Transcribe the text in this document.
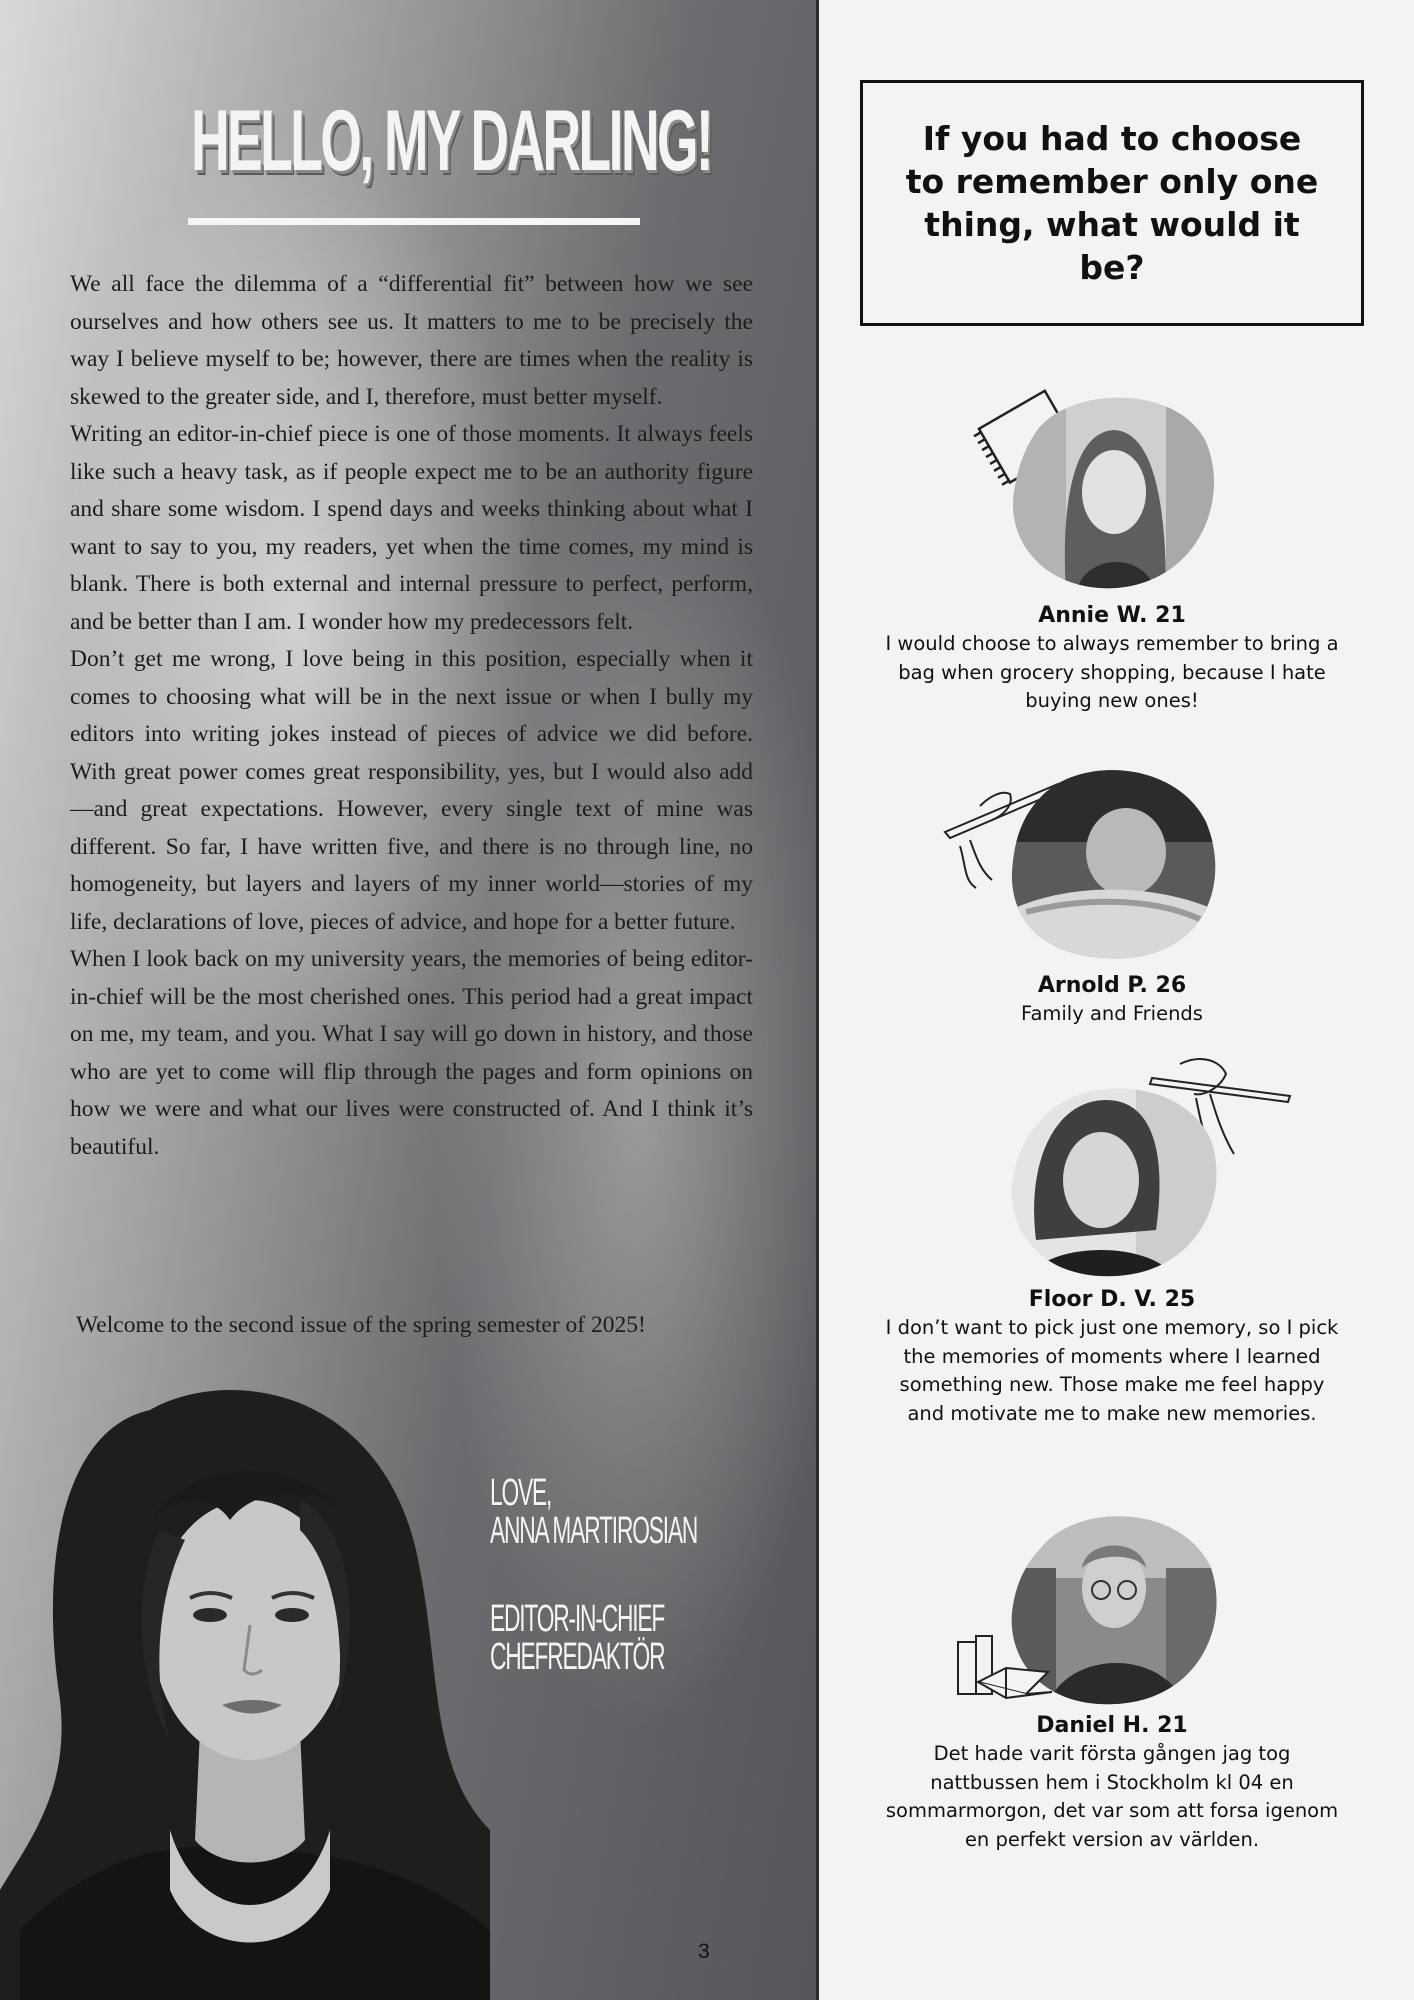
HELLO, MY DARLING!

We all face the dilemma of a “differential fit” between how we see ourselves and how others see us. It matters to me to be precisely the way I believe myself to be; however, there are times when the reality is skewed to the greater side, and I, therefore, must better myself.

Writing an editor-in-chief piece is one of those moments. It always feels like such a heavy task, as if people expect me to be an authority figure and share some wisdom. I spend days and weeks thinking about what I want to say to you, my readers, yet when the time comes, my mind is blank. There is both external and internal pressure to perfect, perform, and be better than I am. I wonder how my predecessors felt.

Don’t get me wrong, I love being in this position, especially when it comes to choosing what will be in the next issue or when I bully my editors into writing jokes instead of pieces of advice we did before. With great power comes great responsibility, yes, but I would also add—and great expectations. However, every single text of mine was different. So far, I have written five, and there is no through line, no homogeneity, but layers and layers of my inner world—stories of my life, declarations of love, pieces of advice, and hope for a better future.

When I look back on my university years, the memories of being editor-in-chief will be the most cherished ones. This period had a great impact on me, my team, and you. What I say will go down in history, and those who are yet to come will flip through the pages and form opinions on how we were and what our lives were constructed of. And I think it’s beautiful.

Welcome to the second issue of the spring semester of 2025!
LOVE,
ANNA MARTIROSIAN
EDITOR-IN-CHIEF
CHEFREDAKTÖR
3
If you had to choose to remember only one thing, what would it be?
Annie W. 21
I would choose to always remember to bring a bag when grocery shopping, because I hate buying new ones!
Arnold P. 26
Family and Friends
Floor D. V. 25
I don’t want to pick just one memory, so I pick the memories of moments where I learned something new. Those make me feel happy and motivate me to make new memories.
Daniel H. 21
Det hade varit första gången jag tog nattbussen hem i Stockholm kl 04 en sommarmorgon, det var som att forsa igenom en perfekt version av världen.
